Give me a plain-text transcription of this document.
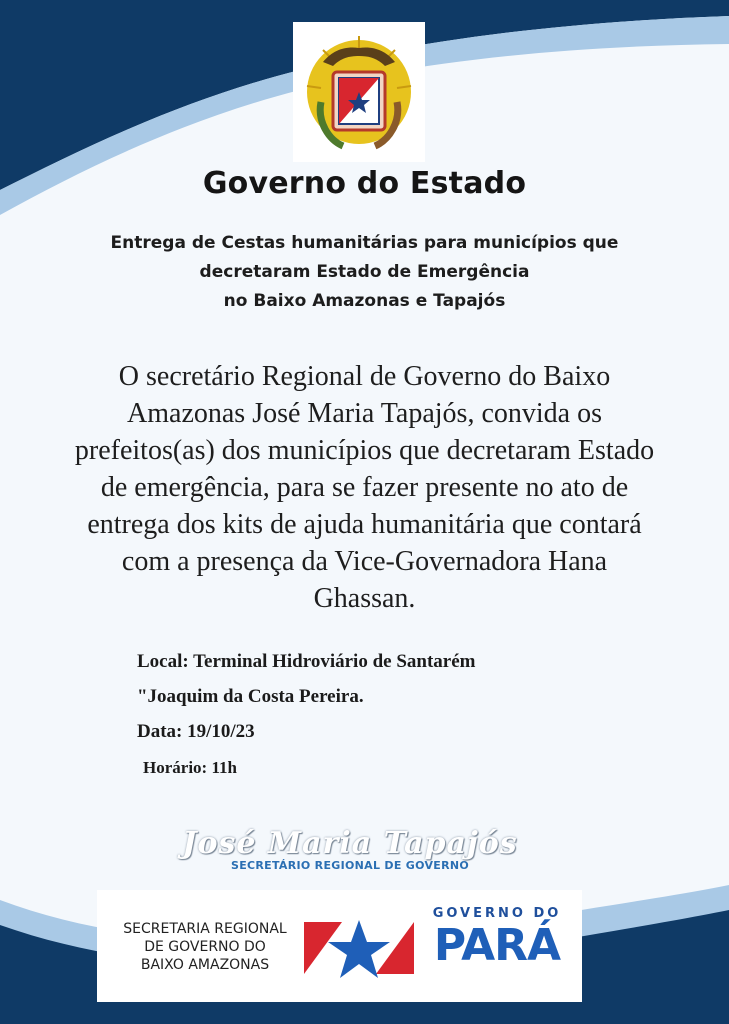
Governo do Estado
Entrega de Cestas humanitárias para municípios que
decretaram Estado de Emergência
no Baixo Amazonas e Tapajós
O secretário Regional de Governo do Baixo
Amazonas José Maria Tapajós, convida os
prefeitos(as) dos municípios que decretaram Estado
de emergência, para se fazer presente no ato de
entrega dos kits de ajuda humanitária que contará
com a presença da Vice-Governadora Hana
Ghassan.
Local: Terminal Hidroviário de Santarém
"Joaquim da Costa Pereira.
Data: 19/10/23
Horário: 11h
José Maria Tapajós
SECRETÁRIO REGIONAL DE GOVERNO
SECRETARIA REGIONAL
DE GOVERNO DO
BAIXO AMAZONAS
GOVERNO DO
PARÁ
